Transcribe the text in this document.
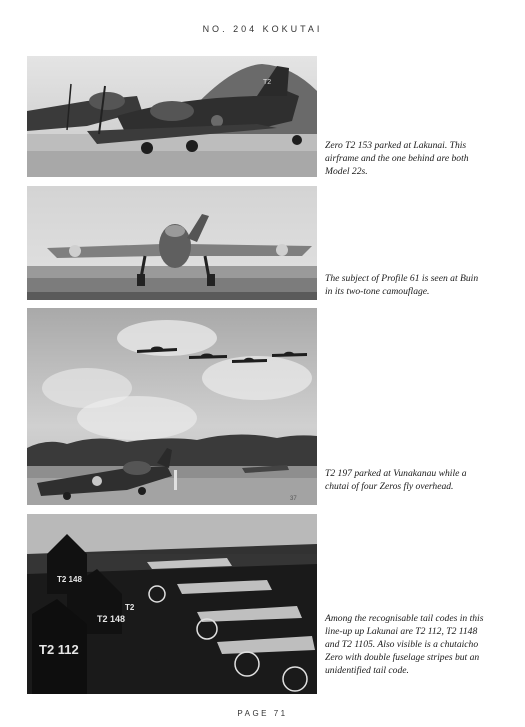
NO. 204 KOKUTAI
T2
Zero T2 153 parked at Lakunai. This airframe and the one behind are both Model 22s.
The subject of Profile 61 is seen at Buin in its two-tone camouflage.
37
T2 197 parked at Vunakanau while a chutai of four Zeros fly overhead.
T2 148
T2 148
T2 112
T2
Among the recognisable tail codes in this line-up up Lakunai are T2 112, T2 1148 and T2 1105. Also visible is a chutaicho Zero with double fuselage stripes but an unidentified tail code.
PAGE 71
